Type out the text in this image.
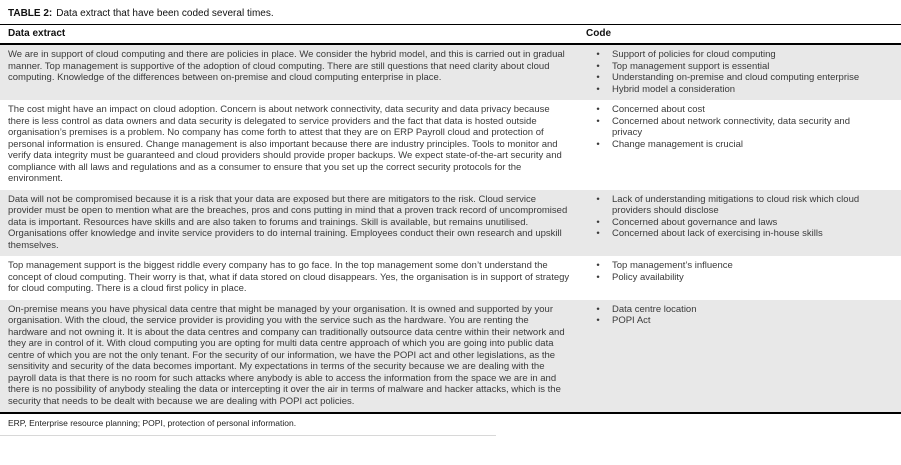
TABLE 2: Data extract that have been coded several times.
Data extract	Code
We are in support of cloud computing and there are policies in place. We consider the hybrid model, and this is carried out in gradual manner. Top management is supportive of the adoption of cloud computing. There are still questions that need clarity about cloud computing. Knowledge of the differences between on-premise and cloud computing enterprise in place.
•	Support of policies for cloud computing
•	Top management support is essential
•	Understanding on-premise and cloud computing enterprise
•	Hybrid model a consideration
The cost might have an impact on cloud adoption. Concern is about network connectivity, data security and data privacy because there is less control as data owners and data security is delegated to service providers and the fact that data is hosted outside organisation’s premises is a problem. No company has come forth to attest that they are on ERP Payroll cloud and protection of personal information is ensured. Change management is also important because there are industry principles. Tools to monitor and verify data integrity must be guaranteed and cloud providers should provide proper backups. We expect state-of-the-art security and compliance with all laws and regulations and as a consumer to ensure that you set up the correct security protocols for the environment.
•	Concerned about cost
•	Concerned about network connectivity, data security and privacy
•	Change management is crucial
Data will not be compromised because it is a risk that your data are exposed but there are mitigators to the risk. Cloud service provider must be open to mention what are the breaches, pros and cons putting in mind that a proven track record of uncompromised data is important. Resources have skills and are also taken to forums and trainings. Skill is available, but remains unutilised. Organisations offer knowledge and invite service providers to do internal training. Employees conduct their own research and upskill themselves.
•	Lack of understanding mitigations to cloud risk which cloud providers should disclose
•	Concerned about governance and laws
•	Concerned about lack of exercising in-house skills
Top management support is the biggest riddle every company has to go face. In the top management some don’t understand the concept of cloud computing. Their worry is that, what if data stored on cloud disappears. Yes, the organisation is in support of strategy for cloud computing. There is a cloud first policy in place.
•	Top management’s influence
•	Policy availability
On-premise means you have physical data centre that might be managed by your organisation. It is owned and supported by your organisation. With the cloud, the service provider is providing you with the service such as the hardware. You are renting the hardware and not owning it. It is about the data centres and company can traditionally outsource data centre within their network and they are in control of it. With cloud computing you are opting for multi data centre approach of which you are going into public data centre of which you are not the only tenant. For the security of our information, we have the POPI act and other legislations, as the sensitivity and security of the data becomes important. My expectations in terms of the security because we are dealing with the payroll data is that there is no room for such attacks where anybody is able to access the information from the space we are in and there is no possibility of anybody stealing the data or intercepting it over the air in terms of malware and hacker attacks, which is the security that needs to be dealt with because we are dealing with POPI act policies.
•	Data centre location
•	POPI Act
ERP, Enterprise resource planning; POPI, protection of personal information.
